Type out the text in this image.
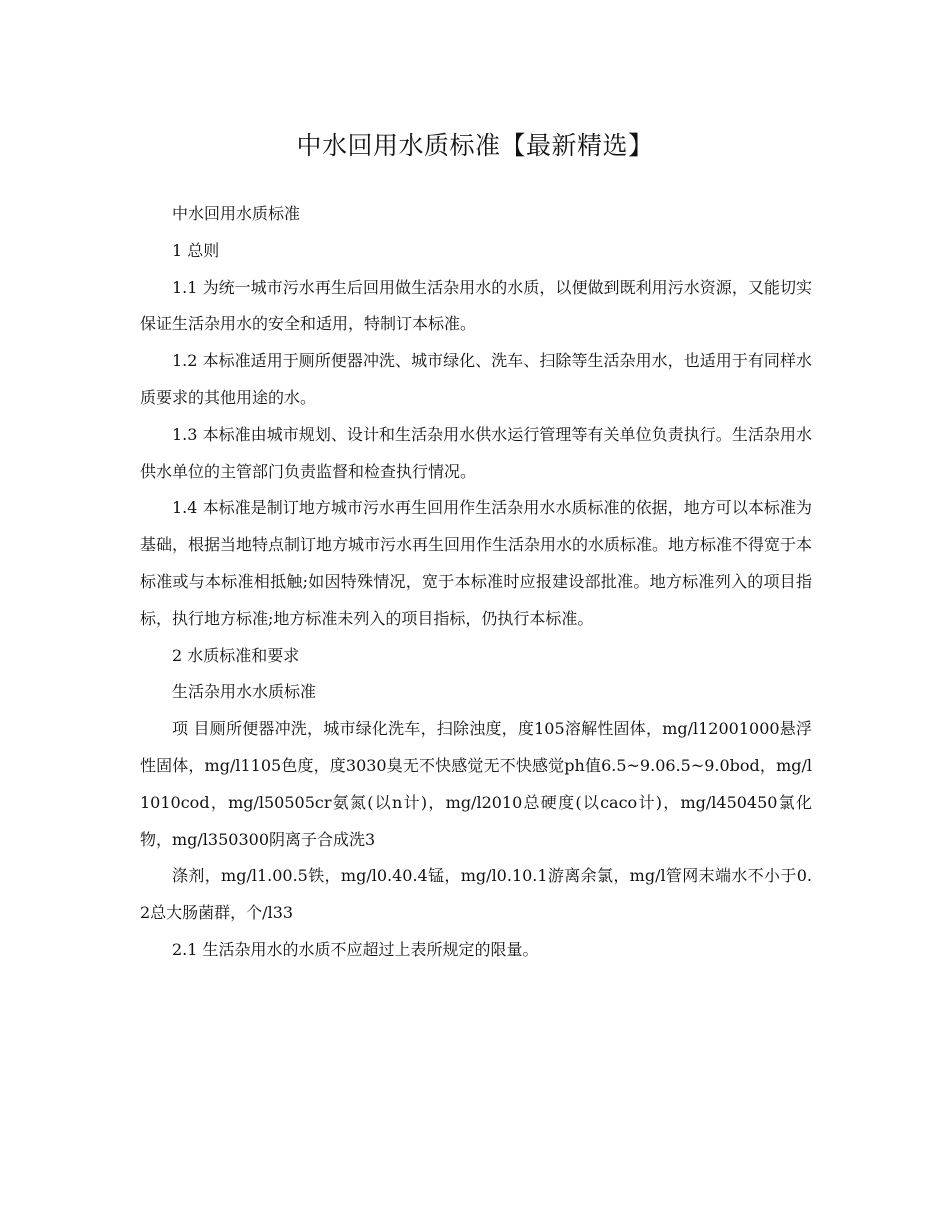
中水回用水质标准【最新精选】

中水回用水质标准

1 总则

1.1 为统一城市污水再生后回用做生活杂用水的水质，以便做到既利用污水资源，又能切实保证生活杂用水的安全和适用，特制订本标准。

1.2 本标准适用于厕所便器冲洗、城市绿化、洗车、扫除等生活杂用水，也适用于有同样水质要求的其他用途的水。

1.3 本标准由城市规划、设计和生活杂用水供水运行管理等有关单位负责执行。生活杂用水供水单位的主管部门负责监督和检查执行情况。

1.4 本标准是制订地方城市污水再生回用作生活杂用水水质标准的依据，地方可以本标准为基础，根据当地特点制订地方城市污水再生回用作生活杂用水的水质标准。地方标准不得宽于本标准或与本标准相抵触;如因特殊情况，宽于本标准时应报建设部批准。地方标准列入的项目指标，执行地方标准;地方标准未列入的项目指标，仍执行本标准。

2 水质标准和要求

生活杂用水水质标准

项 目厕所便器冲洗，城市绿化洗车，扫除浊度，度105溶解性固体，mg/l12001000悬浮性固体，mg/l1105色度，度3030臭无不快感觉无不快感觉ph值6.5~9.06.5~9.0bod，mg/l1010cod，mg/l50505cr氨氮(以n计)，mg/l2010总硬度(以caco计)，mg/l450450氯化物，mg/l350300阴离子合成洗3

涤剂，mg/l1.00.5铁，mg/l0.40.4锰，mg/l0.10.1游离余氯，mg/l管网末端水不小于0.2总大肠菌群，个/l33

2.1 生活杂用水的水质不应超过上表所规定的限量。
